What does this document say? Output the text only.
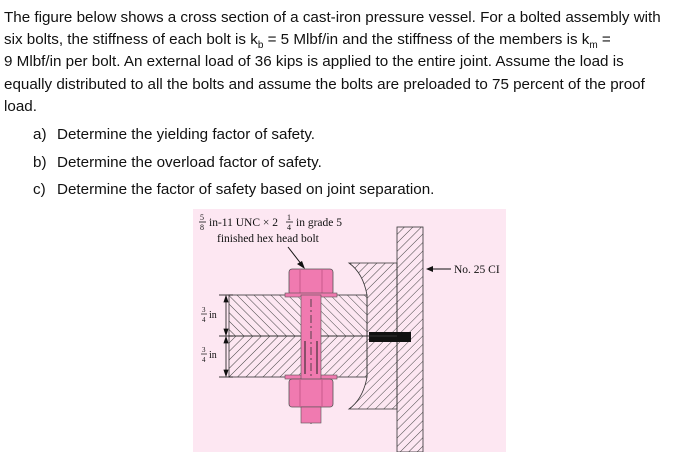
The figure below shows a cross section of a cast-iron pressure vessel. For a bolted assembly with
six bolts, the stiffness of each bolt is $k_b = 5$ Mlbf/in and the stiffness of the members is $k_m$ =
9 Mlbf/in per bolt. An external load of 36 kips is applied to the entire joint. Assume the load is
equally distributed to all the bolts and assume the bolts are preloaded to 75 percent of the proof
load.
a) Determine the yielding factor of safety.
b) Determine the overload factor of safety.
c) Determine the factor of safety based on joint separation.
5
8 in-11 UNC × 2 1
4 in grade 5
finished hex head bolt
3
4 in
3
4 in
No. 25 CI
